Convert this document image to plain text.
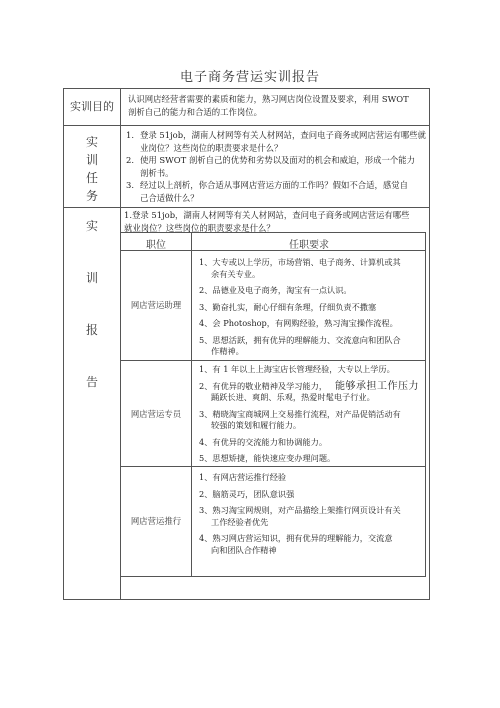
电子商务营运实训报告
实训目的
认识网店经营者需要的素质和能力，熟习网店岗位设置及要求，利用 SWOT
剖析自己的能力和合适的工作岗位。
实
训
任
务
1. 登录 51job，湖南人材网等有关人材网站，查问电子商务或网店营运有哪些就
业岗位？这些岗位的职责要求是什么？
2. 使用 SWOT 剖析自己的优势和劣势以及面对的机会和威迫，形成一个能力
剖析书。
3. 经过以上剖析，你合适从事网店营运方面的工作吗？假如不合适，感觉自
己合适做什么？
实
训
报
告
1.登录 51job，湖南人材网等有关人材网站，查问电子商务或网店营运有哪些
就业岗位？这些岗位的职责要求是什么？
职位	任职要求
网店营运助理
1、大专或以上学历，市场营销、电子商务、计算机或其
余有关专业。
2、品德业及电子商务，淘宝有一点认识。
3、勤奋扎实，耐心仔细有条理，仔细负责不撒塞
4、会 Photoshop，有网购经验，熟习淘宝操作流程。
5、思想活跃，拥有优异的理解能力、交流意向和团队合
作精神。
网店营运专员
1、有 1 年以上上海宝店长管理经验，大专以上学历。
2、有优异的敬业精神及学习能力， 能够承担工作压力
踊跃长进、爽朗、乐观，热爱时髦电子行业。
3、精晓淘宝商城网上交易推行流程，对产品促销活动有
较强的策划和履行能力。
4、有优异的交流能力和协调能力。
5、思想矫捷，能快速应变办理问题。
网店营运推行
1、有网店营运推行经验
2、脑筋灵巧，团队意识强
3、熟习淘宝网规则，对产品描绘上架推行网页设计有关
工作经验者优先
4、熟习网店营运知识，拥有优异的理解能力，交流意
向和团队合作精神
